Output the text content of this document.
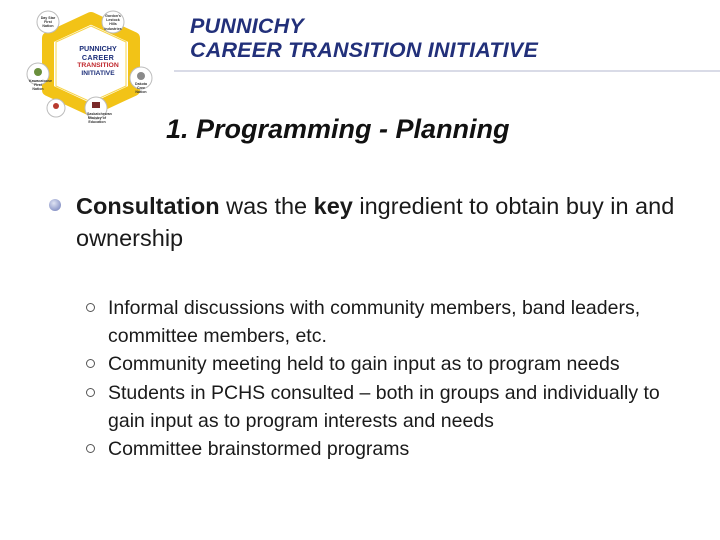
Day Star First Nation
Gordon's Lestock Hills Industries
Kawacatoose First Nation
Dakota Cree Nation
Saskatchewan Ministry of Education
PUNNICHY
CAREER
TRANSITION
INITIATIVE
PUNNICHY
CAREER TRANSITION INITIATIVE
1. Programming - Planning
Consultation was the key ingredient to obtain buy in and ownership
Informal discussions with community members, band leaders, committee members, etc.
Community meeting held to gain input as to program needs
Students in PCHS consulted – both in groups and individually to gain input as to program interests and needs
Committee brainstormed programs
